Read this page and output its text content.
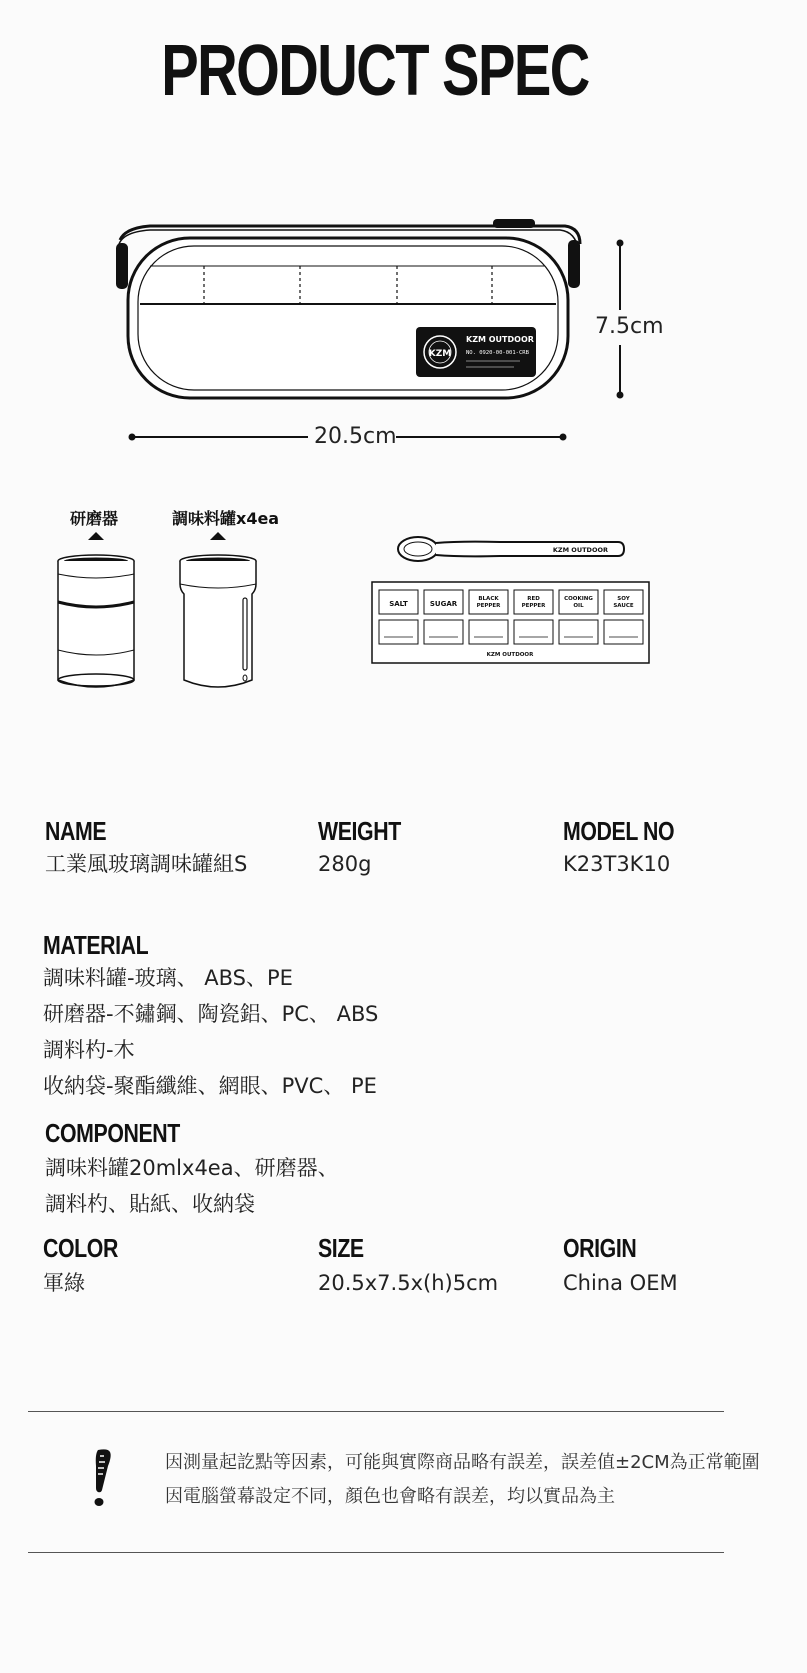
PRODUCT SPEC
KZM
KZM OUTDOOR
NO. 0920-00-001-CRB
KZM OUTDOOR
SALT	SUGAR
BLACK
PEPPER
RED
PEPPER
COOKING
OIL
SOY
SAUCE
KZM OUTDOOR
7.5cm
20.5cm
研磨器	調味料罐x4ea
NAME
工業風玻璃調味罐組S
WEIGHT
280g
MODEL NO
K23T3K10
MATERIAL
調味料罐-玻璃、 ABS、PE
研磨器-不鏽鋼、陶瓷鋁、PC、 ABS
調料杓-木
收納袋-聚酯纖維、網眼、PVC、 PE
COMPONENT
調味料罐20mlx4ea、研磨器、
調料杓、貼紙、收納袋
COLOR
軍綠
SIZE
20.5x7.5x(h)5cm
ORIGIN
China OEM
因測量起訖點等因素，可能與實際商品略有誤差，誤差值±2CM為正常範圍
因電腦螢幕設定不同，顏色也會略有誤差，均以實品為主
